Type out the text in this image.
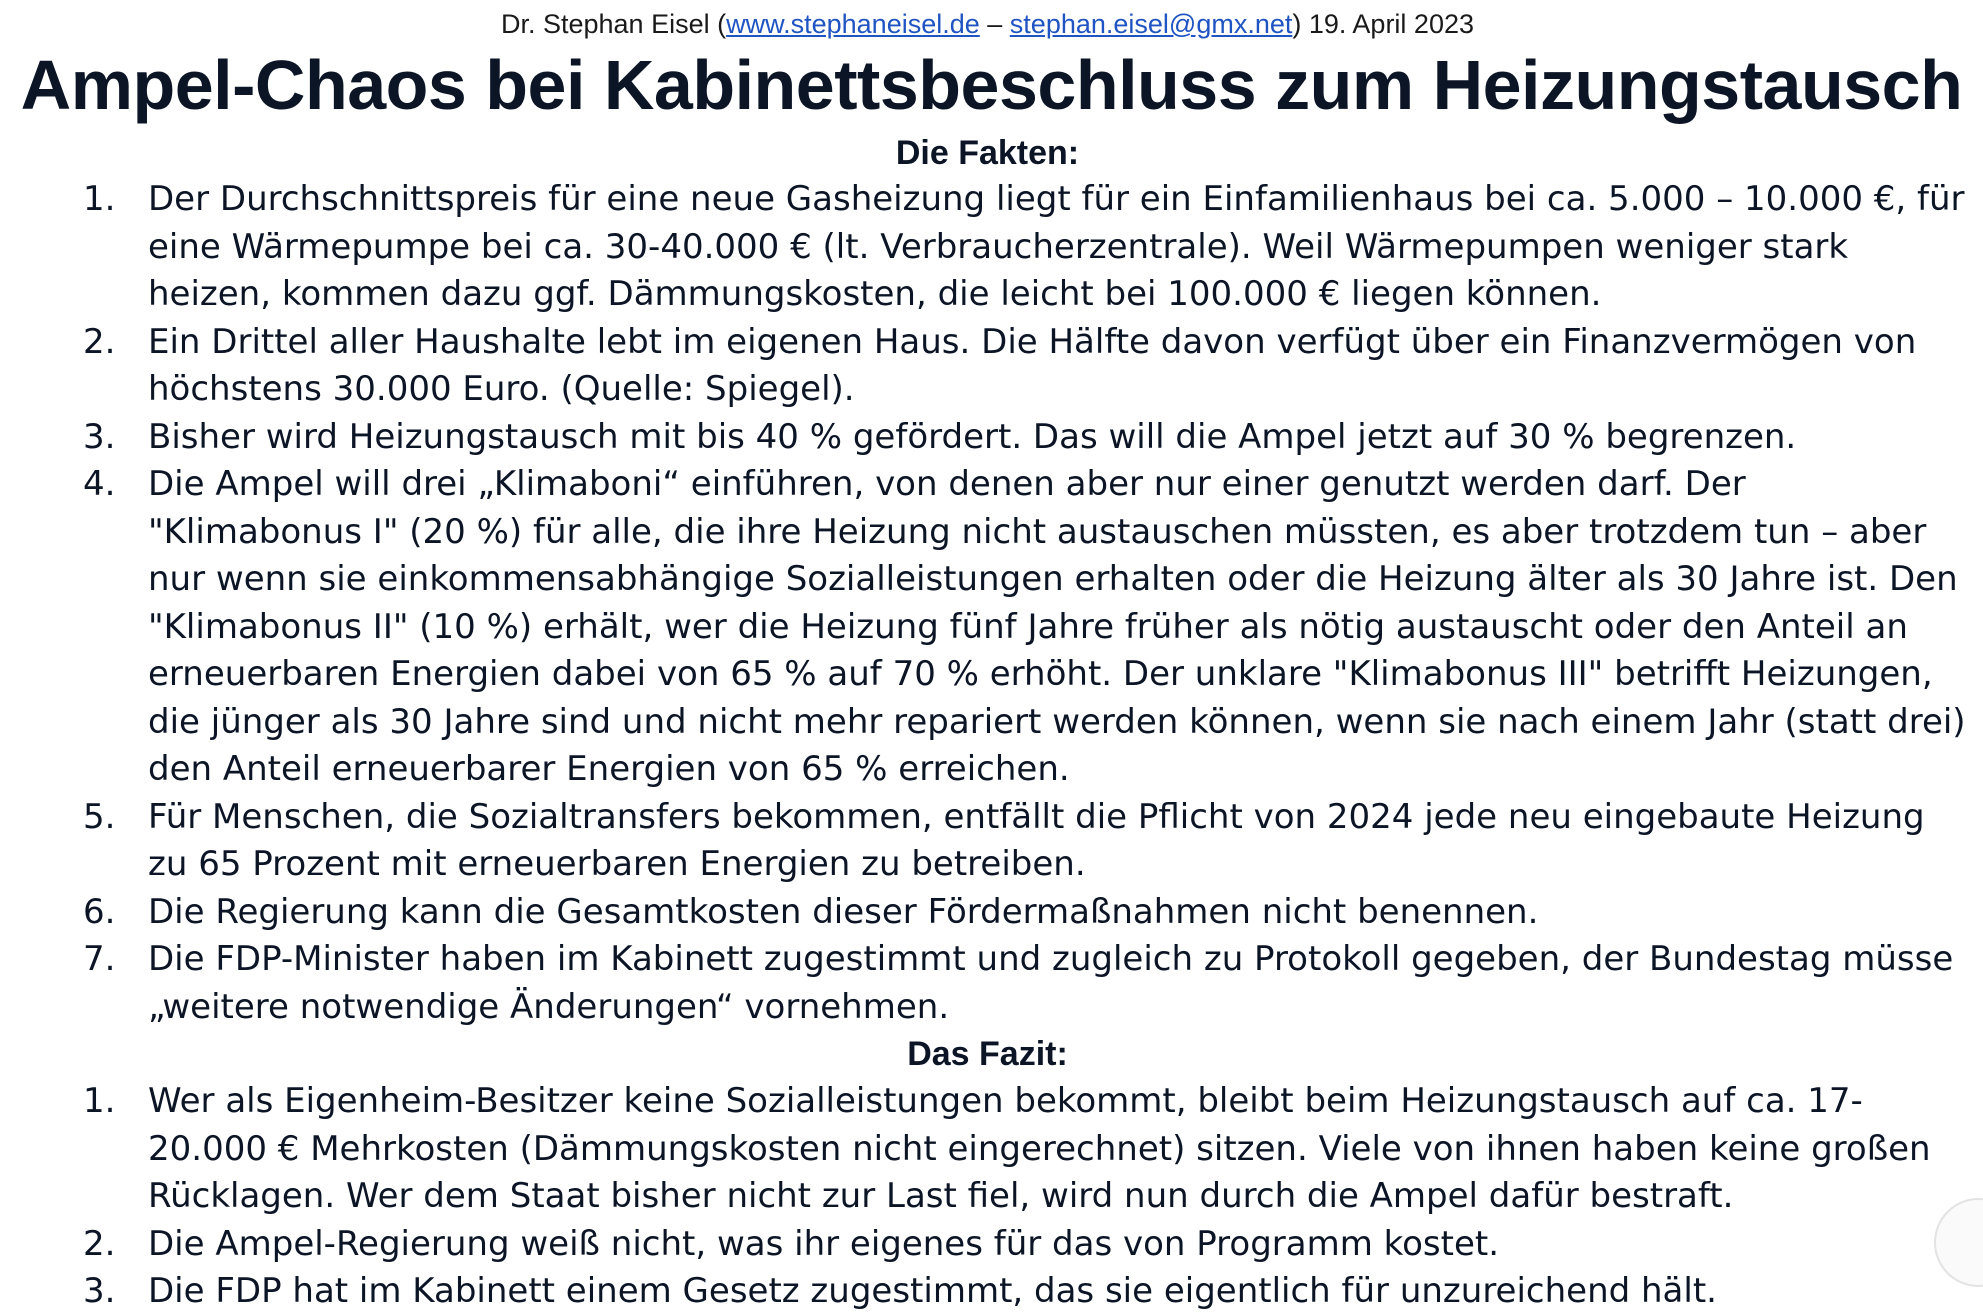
Dr. Stephan Eisel (www.stephaneisel.de – stephan.eisel@gmx.net) 19. April 2023
Ampel-Chaos bei Kabinettsbeschluss zum Heizungstausch
Die Fakten:
1. Der Durchschnittspreis für eine neue Gasheizung liegt für ein Einfamilienhaus bei ca. 5.000 – 10.000 €, für eine Wärmepumpe bei ca. 30-40.000 € (lt. Verbraucherzentrale). Weil Wärmepumpen weniger stark heizen, kommen dazu ggf. Dämmungskosten, die leicht bei 100.000 € liegen können.
2. Ein Drittel aller Haushalte lebt im eigenen Haus. Die Hälfte davon verfügt über ein Finanzvermögen von höchstens 30.000 Euro. (Quelle: Spiegel).
3. Bisher wird Heizungstausch mit bis 40 % gefördert. Das will die Ampel jetzt auf 30 % begrenzen.
4. Die Ampel will drei „Klimaboni“ einführen, von denen aber nur einer genutzt werden darf. Der "Klimabonus I" (20 %) für alle, die ihre Heizung nicht austauschen müssten, es aber trotzdem tun – aber nur wenn sie einkommensabhängige Sozialleistungen erhalten oder die Heizung älter als 30 Jahre ist. Den "Klimabonus II" (10 %) erhält, wer die Heizung fünf Jahre früher als nötig austauscht oder den Anteil an erneuerbaren Energien dabei von 65 % auf 70 % erhöht. Der unklare "Klimabonus III" betrifft Heizungen, die jünger als 30 Jahre sind und nicht mehr repariert werden können, wenn sie nach einem Jahr (statt drei) den Anteil erneuerbarer Energien von 65 % erreichen.
5. Für Menschen, die Sozialtransfers bekommen, entfällt die Pflicht von 2024 jede neu eingebaute Heizung zu 65 Prozent mit erneuerbaren Energien zu betreiben.
6. Die Regierung kann die Gesamtkosten dieser Fördermaßnahmen nicht benennen.
7. Die FDP-Minister haben im Kabinett zugestimmt und zugleich zu Protokoll gegeben, der Bundestag müsse „weitere notwendige Änderungen“ vornehmen.
Das Fazit:
1. Wer als Eigenheim-Besitzer keine Sozialleistungen bekommt, bleibt beim Heizungstausch auf ca. 17-20.000 € Mehrkosten (Dämmungskosten nicht eingerechnet) sitzen. Viele von ihnen haben keine großen Rücklagen. Wer dem Staat bisher nicht zur Last fiel, wird nun durch die Ampel dafür bestraft.
2. Die Ampel-Regierung weiß nicht, was ihr eigenes für das von Programm kostet.
3. Die FDP hat im Kabinett einem Gesetz zugestimmt, das sie eigentlich für unzureichend hält.
